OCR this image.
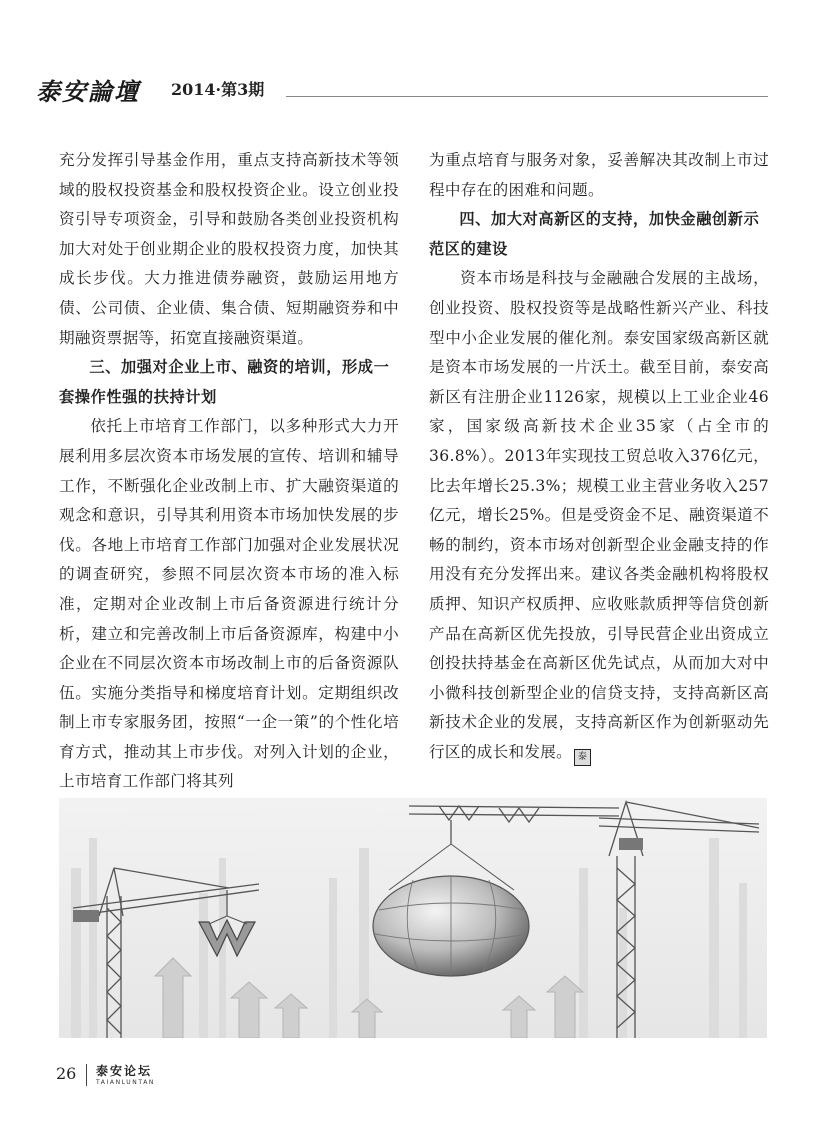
泰安論壇 2014·第3期

充分发挥引导基金作用，重点支持高新技术等领域的股权投资基金和股权投资企业。设立创业投资引导专项资金，引导和鼓励各类创业投资机构加大对处于创业期企业的股权投资力度，加快其成长步伐。大力推进债券融资，鼓励运用地方债、公司债、企业债、集合债、短期融资券和中期融资票据等，拓宽直接融资渠道。

三、加强对企业上市、融资的培训，形成一套操作性强的扶持计划

依托上市培育工作部门，以多种形式大力开展利用多层次资本市场发展的宣传、培训和辅导工作，不断强化企业改制上市、扩大融资渠道的观念和意识，引导其利用资本市场加快发展的步伐。各地上市培育工作部门加强对企业发展状况的调查研究，参照不同层次资本市场的准入标准，定期对企业改制上市后备资源进行统计分析，建立和完善改制上市后备资源库，构建中小企业在不同层次资本市场改制上市的后备资源队伍。实施分类指导和梯度培育计划。定期组织改制上市专家服务团，按照“一企一策”的个性化培育方式，推动其上市步伐。对列入计划的企业，上市培育工作部门将其列

为重点培育与服务对象，妥善解决其改制上市过程中存在的困难和问题。

四、加大对高新区的支持，加快金融创新示范区的建设

资本市场是科技与金融融合发展的主战场，创业投资、股权投资等是战略性新兴产业、科技型中小企业发展的催化剂。泰安国家级高新区就是资本市场发展的一片沃土。截至目前，泰安高新区有注册企业1126家，规模以上工业企业46家，国家级高新技术企业35家（占全市的36.8%）。2013年实现技工贸总收入376亿元，比去年增长25.3%；规模工业主营业务收入257亿元，增长25%。但是受资金不足、融资渠道不畅的制约，资本市场对创新型企业金融支持的作用没有充分发挥出来。建议各类金融机构将股权质押、知识产权质押、应收账款质押等信贷创新产品在高新区优先投放，引导民营企业出资成立创投扶持基金在高新区优先试点，从而加大对中小微科技创新型企业的信贷支持，支持高新区高新技术企业的发展，支持高新区作为创新驱动先行区的成长和发展。 泰

26 泰安论坛
TAIANLUNTAN
